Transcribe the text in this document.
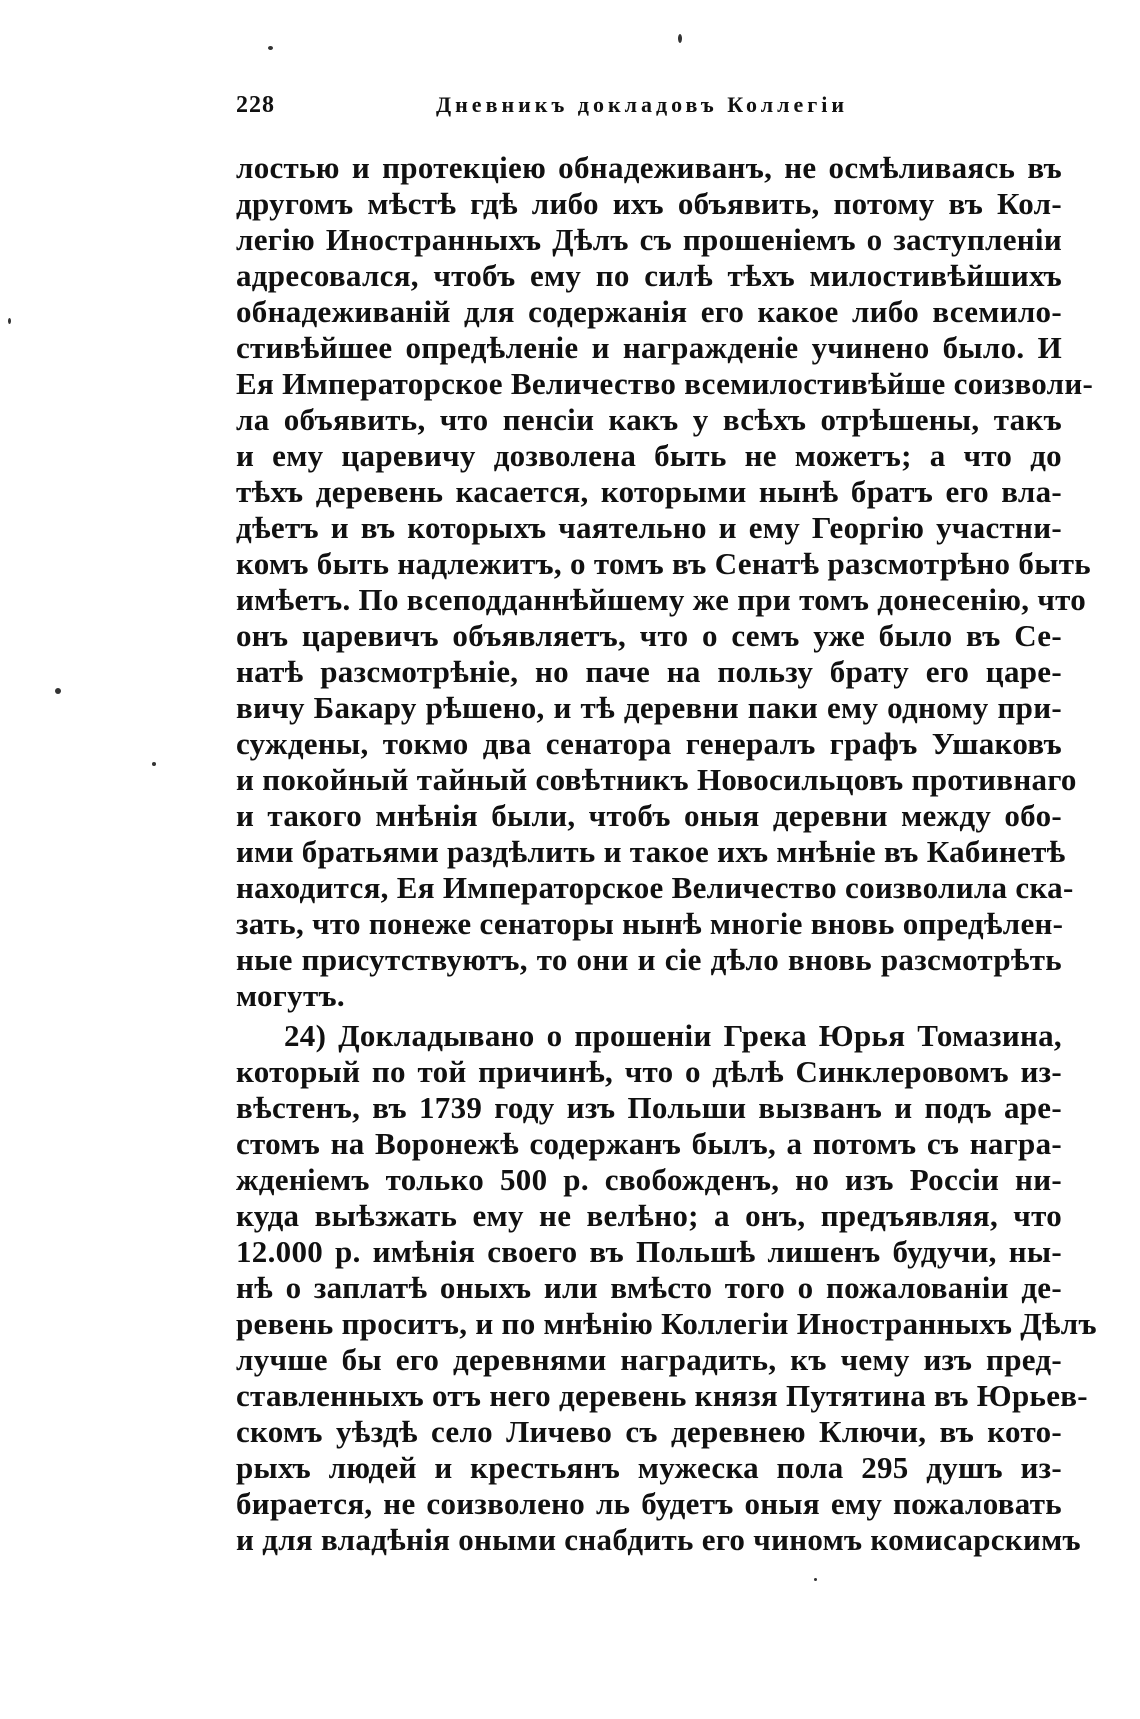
228	Дневникъ докладовъ Коллегіи
лостью и протекціею обнадеживанъ, не осмѣливаясь въ
другомъ мѣстѣ гдѣ либо ихъ объявить, потому въ Кол-
легію Иностранныхъ Дѣлъ съ прошеніемъ о заступленіи
адресовался, чтобъ ему по силѣ тѣхъ милостивѣйшихъ
обнадеживаній для содержанія его какое либо всемило-
стивѣйшее опредѣленіе и награжденіе учинено было. И
Ея Императорское Величество всемилостивѣйше соизволи-
ла объявить, что пенсіи какъ у всѣхъ отрѣшены, такъ
и ему царевичу дозволена быть не можетъ; а что до
тѣхъ деревень касается, которыми нынѣ братъ его вла-
дѣетъ и въ которыхъ чаятельно и ему Георгію участни-
комъ быть надлежитъ, о томъ въ Сенатѣ разсмотрѣно быть
имѣетъ. По всеподданнѣйшему же при томъ донесенію, что
онъ царевичъ объявляетъ, что о семъ уже было въ Се-
натѣ разсмотрѣніе, но паче на пользу брату его царе-
вичу Бакару рѣшено, и тѣ деревни паки ему одному при-
суждены, токмо два сенатора генералъ графъ Ушаковъ
и покойный тайный совѣтникъ Новосильцовъ противнаго
и такого мнѣнія были, чтобъ оныя деревни между обо-
ими братьями раздѣлить и такое ихъ мнѣніе въ Кабинетѣ
находится, Ея Императорское Величество соизволила ска-
зать, что понеже сенаторы нынѣ многіе вновь опредѣлен-
ные присутствуютъ, то они и сіе дѣло вновь разсмотрѣть
могутъ.
24) Докладывано о прошеніи Грека Юрья Томазина,
который по той причинѣ, что о дѣлѣ Синклеровомъ из-
вѣстенъ, въ 1739 году изъ Польши вызванъ и подъ аре-
стомъ на Воронежѣ содержанъ былъ, а потомъ съ награ-
жденіемъ только 500 р. свобожденъ, но изъ Россіи ни-
куда выѣзжать ему не велѣно; а онъ, предъявляя, что
12.000 р. имѣнія своего въ Польшѣ лишенъ будучи, ны-
нѣ о заплатѣ оныхъ или вмѣсто того о пожалованіи де-
ревень проситъ, и по мнѣнію Коллегіи Иностранныхъ Дѣлъ
лучше бы его деревнями наградить, къ чему изъ пред-
ставленныхъ отъ него деревень князя Путятина въ Юрьев-
скомъ уѣздѣ село Личево съ деревнею Ключи, въ кото-
рыхъ людей и крестьянъ мужеска пола 295 душъ из-
бирается, не соизволено ль будетъ оныя ему пожаловать
и для владѣнія оными снабдить его чиномъ комисарскимъ
